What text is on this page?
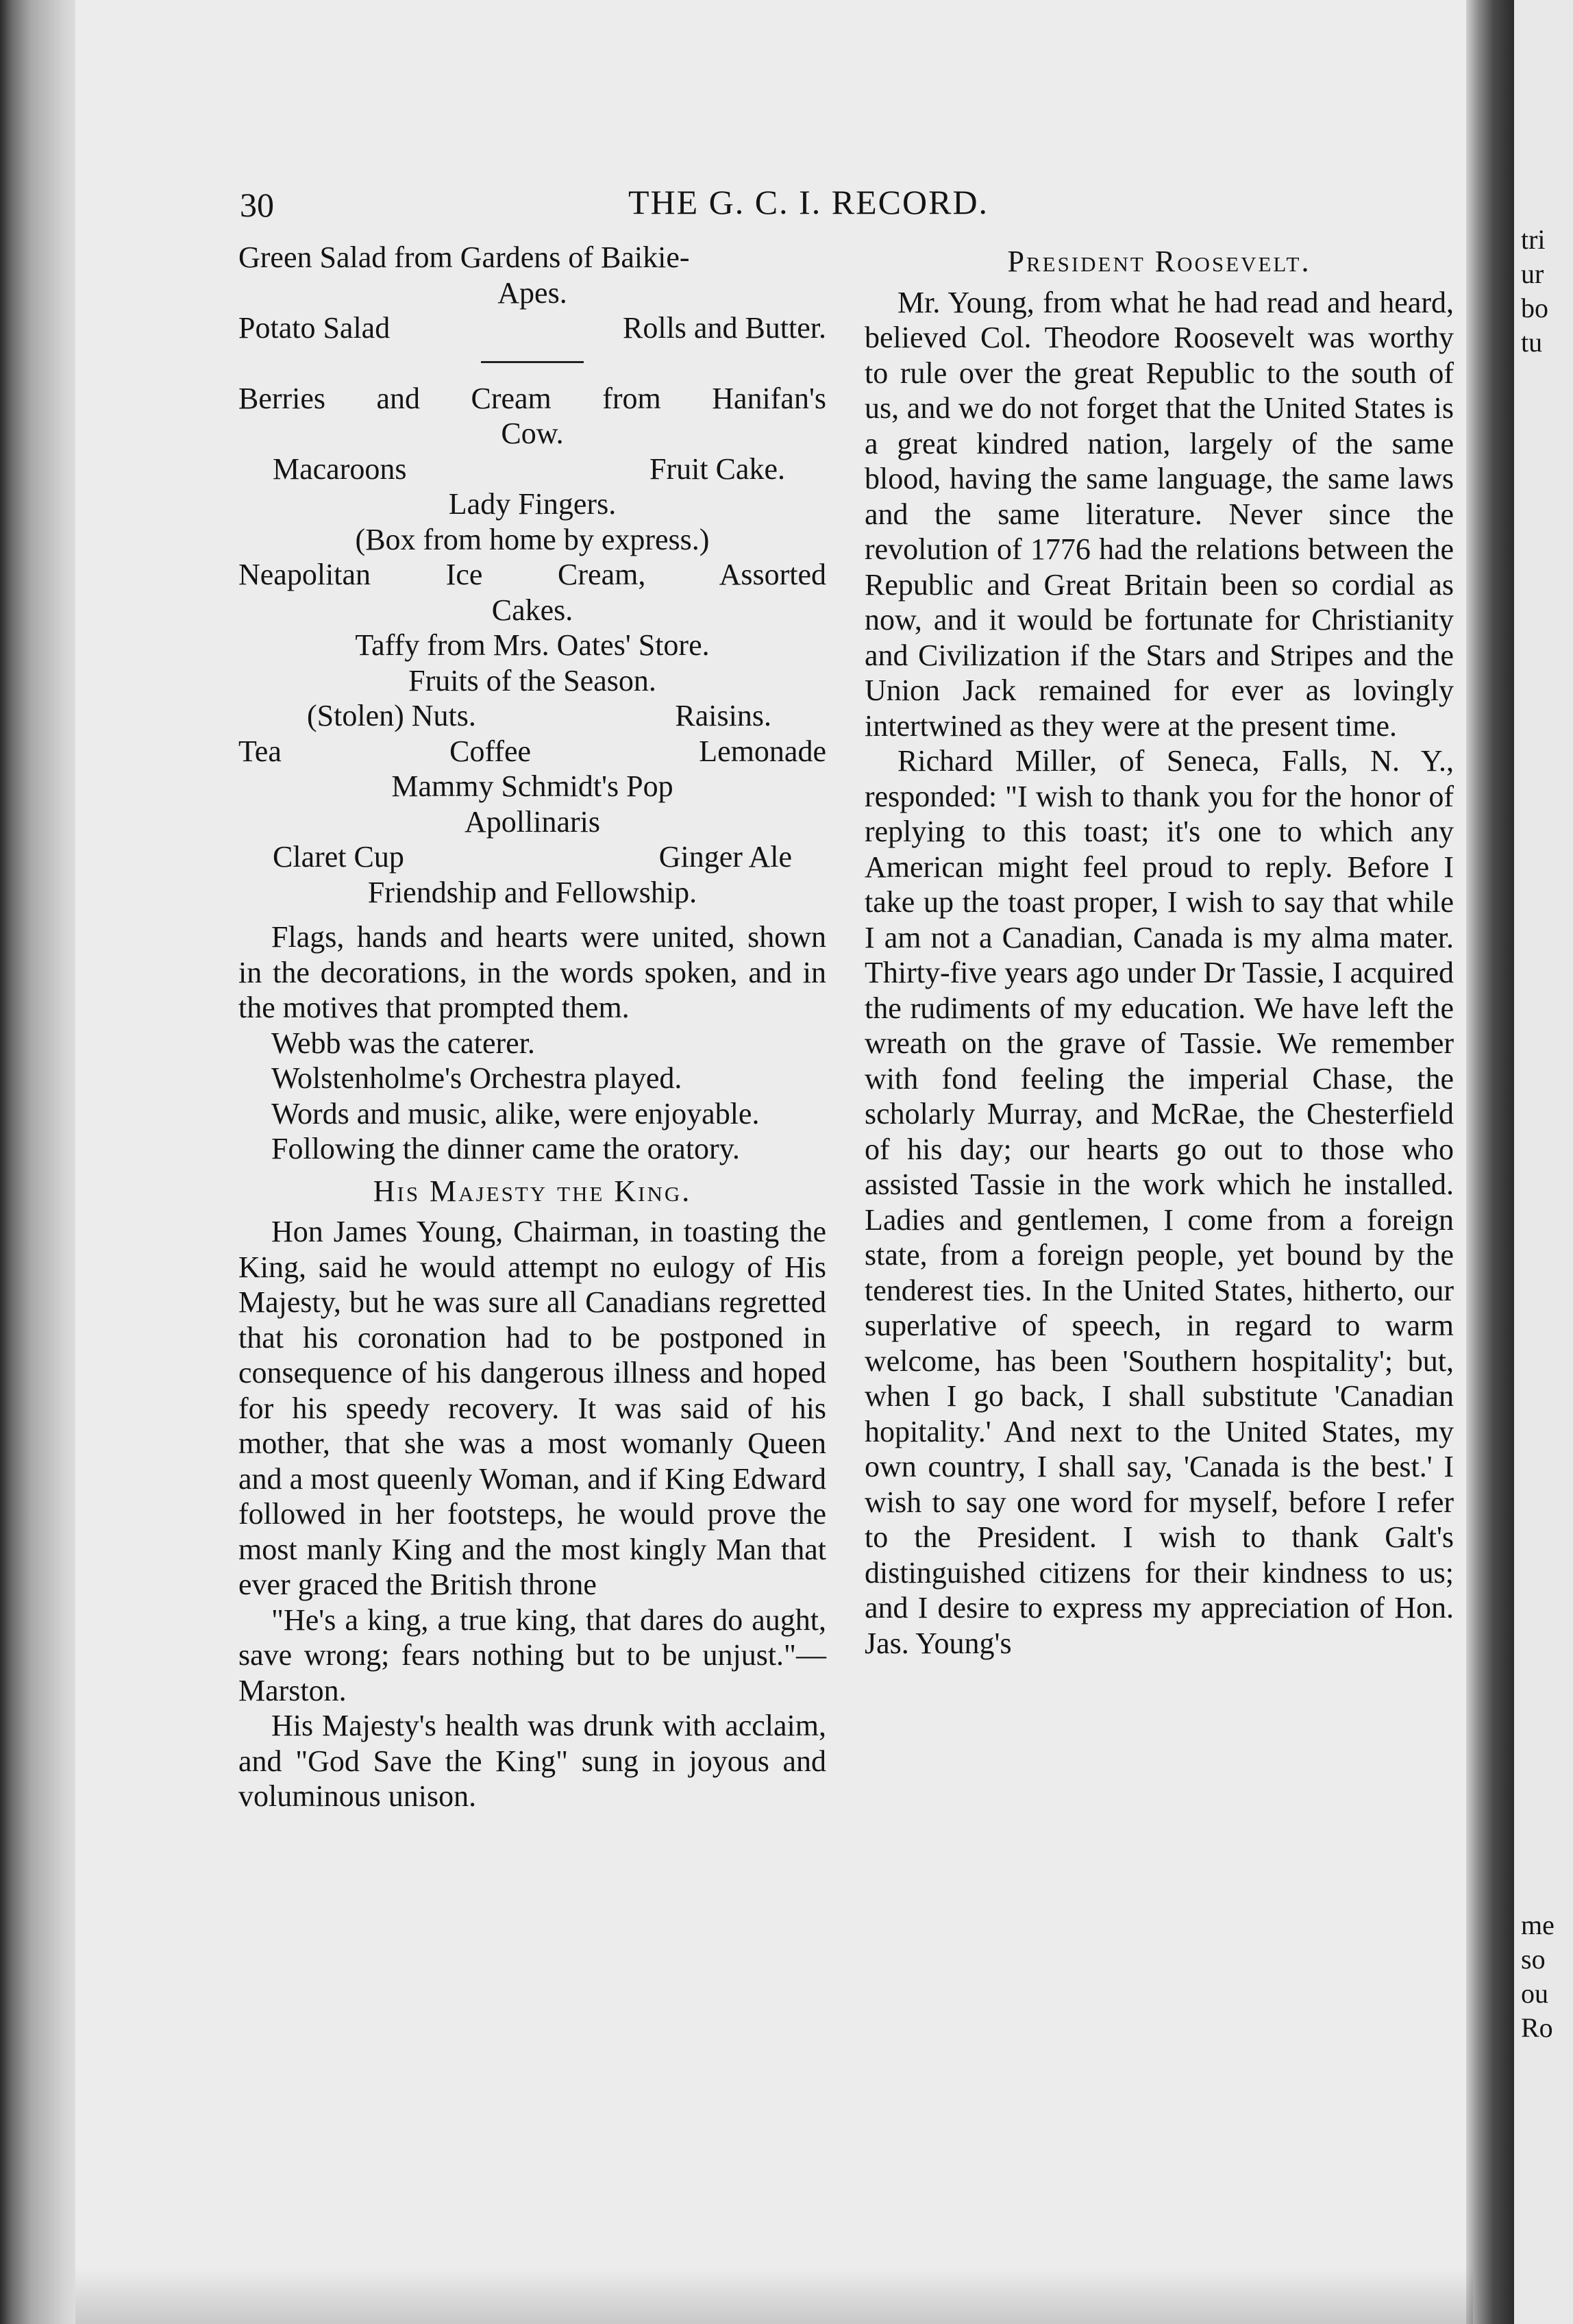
tri
ur
bo
tu
me
so
ou
Ro
30	THE G. C. I. RECORD.
Green Salad from Gardens of Baikie-
Apes.
Potato Salad	Rolls and Butter.
Berries and Cream from Hanifan's
Cow.
Macaroons	Fruit Cake.
Lady Fingers.
(Box from home by express.)
Neapolitan Ice Cream, Assorted
Cakes.
Taffy from Mrs. Oates' Store.
Fruits of the Season.
(Stolen) Nuts.	Raisins.
Tea	Coffee	Lemonade
Mammy Schmidt's Pop
Apollinaris
Claret Cup	Ginger Ale
Friendship and Fellowship.

Flags, hands and hearts were united, shown in the decorations, in the words spoken, and in the motives that prompted them.

Webb was the caterer.

Wolstenholme's Orchestra played.

Words and music, alike, were enjoyable.

Following the dinner came the oratory.

His Majesty the King.

Hon James Young, Chairman, in toasting the King, said he would attempt no eulogy of His Majesty, but he was sure all Canadians regretted that his coronation had to be postponed in consequence of his dangerous illness and hoped for his speedy recovery. It was said of his mother, that she was a most womanly Queen and a most queenly Woman, and if King Edward followed in her footsteps, he would prove the most manly King and the most kingly Man that ever graced the British throne

"He's a king, a true king, that dares do aught, save wrong; fears nothing but to be unjust."—Marston.

His Majesty's health was drunk with acclaim, and "God Save the King" sung in joyous and voluminous unison.

President Roosevelt.

Mr. Young, from what he had read and heard, believed Col. Theodore Roosevelt was worthy to rule over the great Republic to the south of us, and we do not forget that the United States is a great kindred nation, largely of the same blood, having the same language, the same laws and the same literature. Never since the revolution of 1776 had the relations between the Republic and Great Britain been so cordial as now, and it would be fortunate for Christianity and Civilization if the Stars and Stripes and the Union Jack remained for ever as lovingly intertwined as they were at the present time.

Richard Miller, of Seneca, Falls, N. Y., responded: "I wish to thank you for the honor of replying to this toast; it's one to which any American might feel proud to reply. Before I take up the toast proper, I wish to say that while I am not a Canadian, Canada is my alma mater. Thirty-five years ago under Dr Tassie, I acquired the rudiments of my education. We have left the wreath on the grave of Tassie. We remember with fond feeling the imperial Chase, the scholarly Murray, and McRae, the Chesterfield of his day; our hearts go out to those who assisted Tassie in the work which he installed. Ladies and gentlemen, I come from a foreign state, from a foreign people, yet bound by the tenderest ties. In the United States, hitherto, our superlative of speech, in regard to warm welcome, has been 'Southern hospitality'; but, when I go back, I shall substitute 'Canadian hopitality.' And next to the United States, my own country, I shall say, 'Canada is the best.' I wish to say one word for myself, before I refer to the President. I wish to thank Galt's distinguished citizens for their kindness to us; and I desire to express my appreciation of Hon. Jas. Young's
